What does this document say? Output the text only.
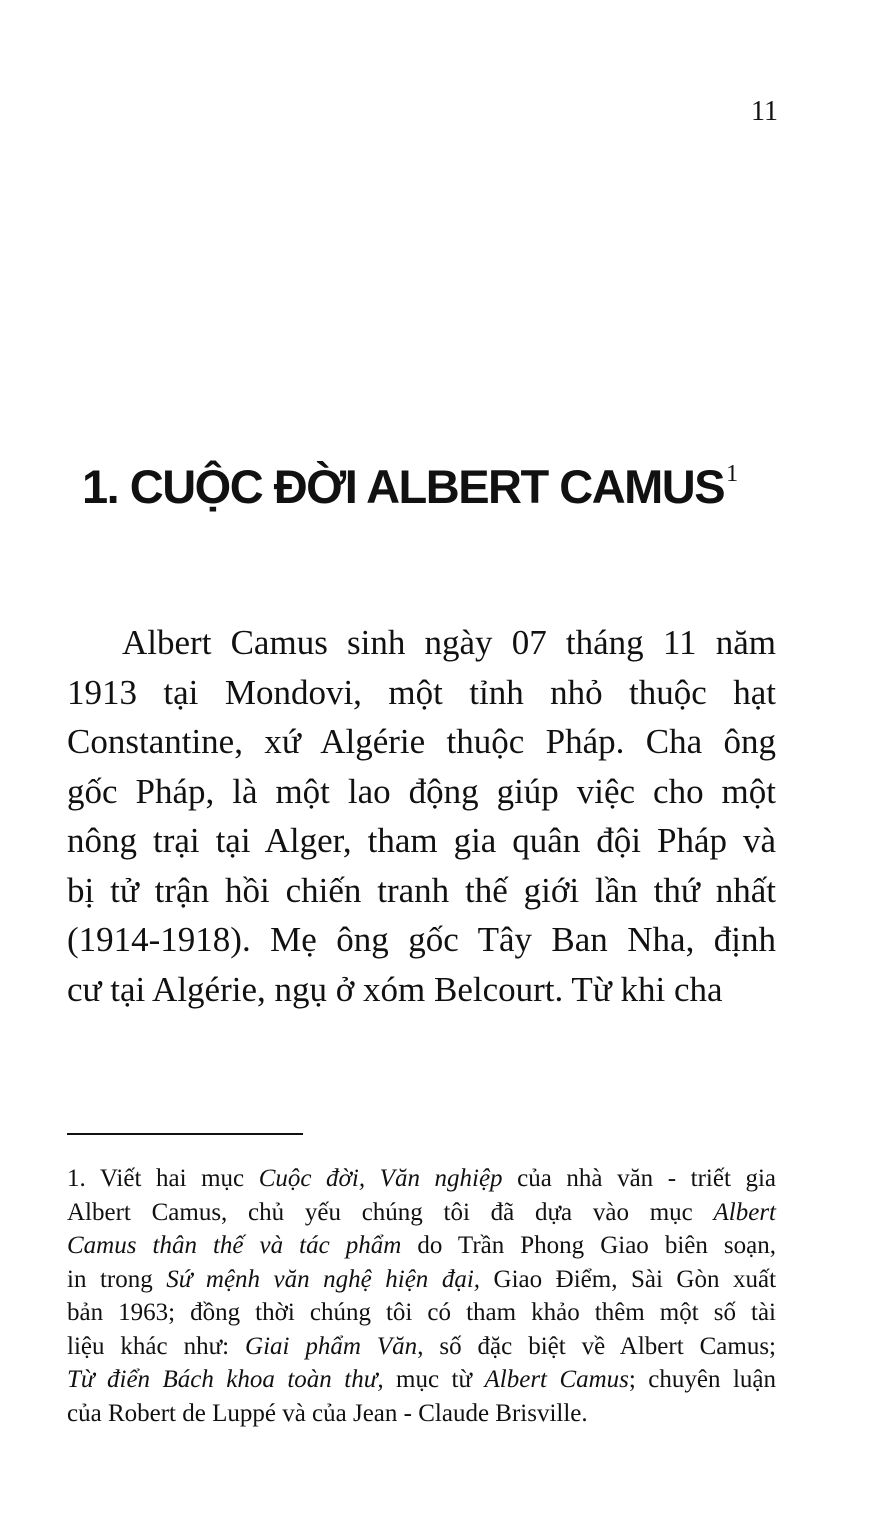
11
1. CUỘC ĐỜI ALBERT CAMUS$^1$

Albert Camus sinh ngày 07 tháng 11 năm
1913 tại Mondovi, một tỉnh nhỏ thuộc hạt
Constantine, xứ Algérie thuộc Pháp. Cha ông
gốc Pháp, là một lao động giúp việc cho một
nông trại tại Alger, tham gia quân đội Pháp và
bị tử trận hồi chiến tranh thế giới lần thứ nhất
(1914-1918). Mẹ ông gốc Tây Ban Nha, định
cư tại Algérie, ngụ ở xóm Belcourt. Từ khi cha

1. Viết hai mục Cuộc đời, Văn nghiệp của nhà văn - triết gia
Albert Camus, chủ yếu chúng tôi đã dựa vào mục Albert
Camus thân thế và tác phẩm do Trần Phong Giao biên soạn,
in trong Sứ mệnh văn nghệ hiện đại, Giao Điểm, Sài Gòn xuất
bản 1963; đồng thời chúng tôi có tham khảo thêm một số tài
liệu khác như: Giai phẩm Văn, số đặc biệt về Albert Camus;
Từ điển Bách khoa toàn thư, mục từ Albert Camus; chuyên luận
của Robert de Luppé và của Jean - Claude Brisville.
